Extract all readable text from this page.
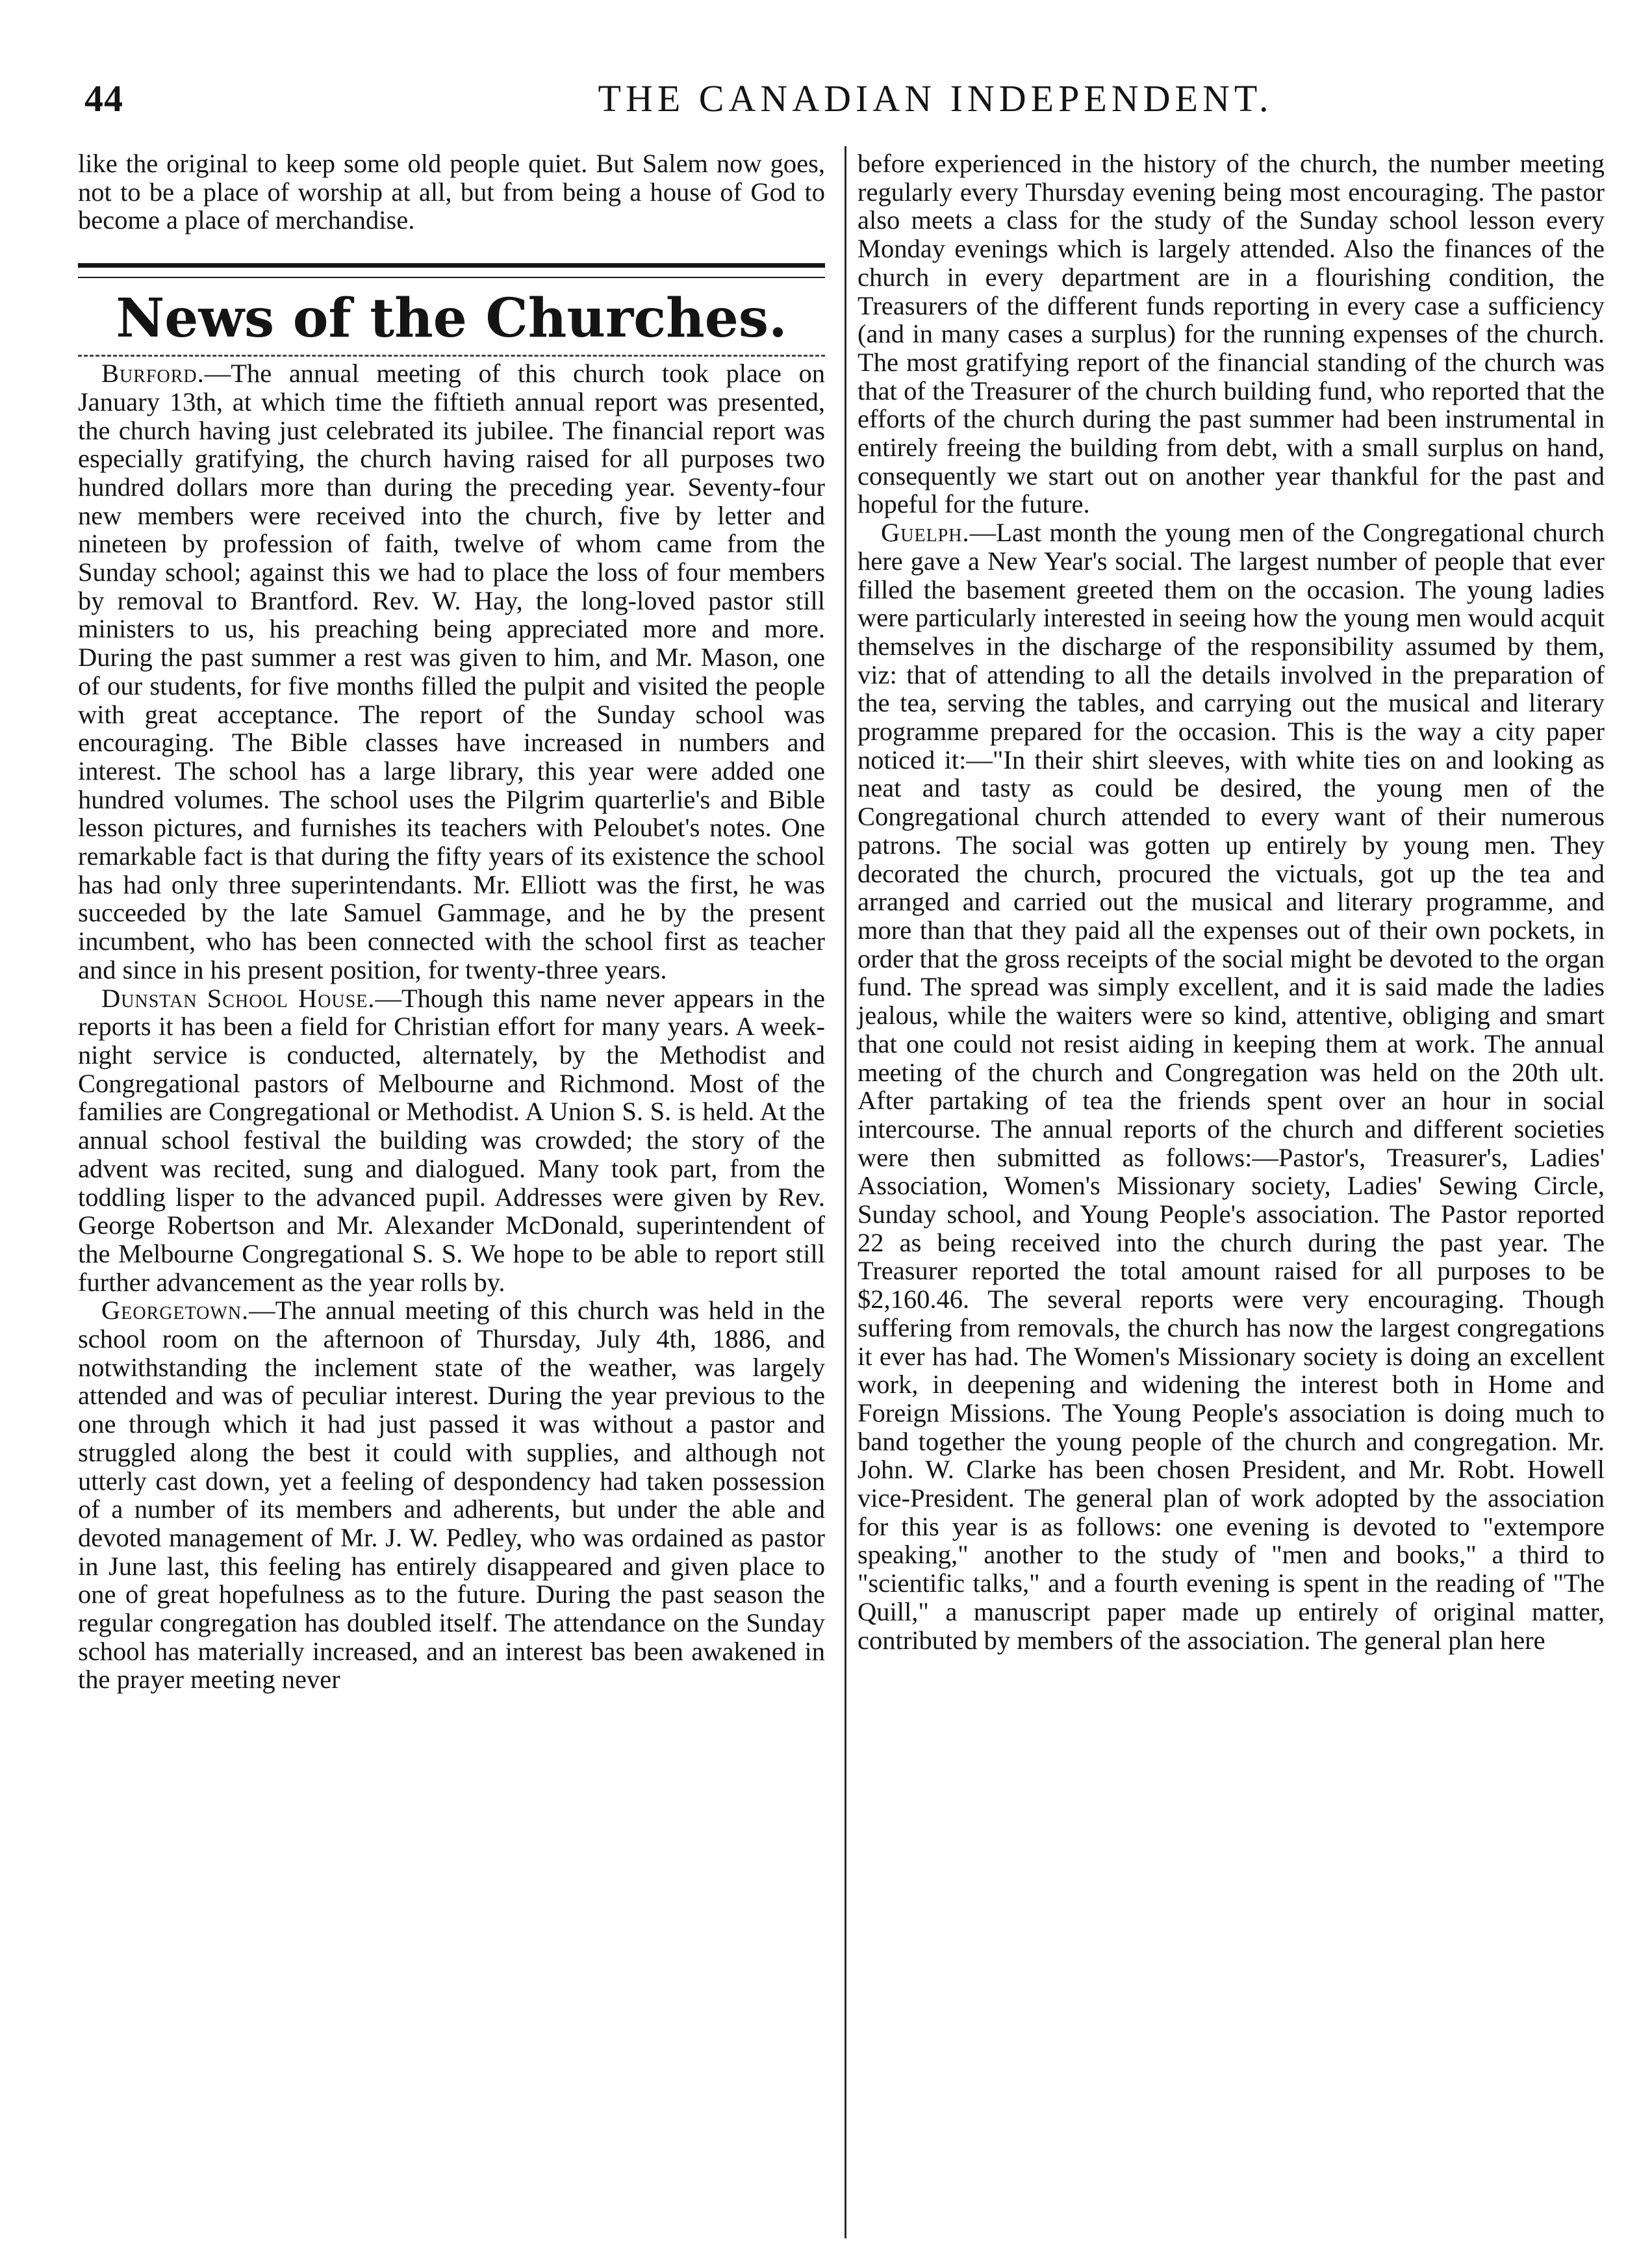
44	THE CANADIAN INDEPENDENT.

like the original to keep some old people quiet. But Salem now goes, not to be a place of worship at all, but from being a house of God to become a place of merchandise.

News of the Churches.

Burford.—The annual meeting of this church took place on January 13th, at which time the fiftieth annual report was presented, the church having just celebrated its jubilee. The financial report was especially gratifying, the church having raised for all purposes two hundred dollars more than during the preceding year. Seventy-four new members were received into the church, five by letter and nineteen by profession of faith, twelve of whom came from the Sunday school; against this we had to place the loss of four members by removal to Brantford. Rev. W. Hay, the long-loved pastor still ministers to us, his preaching being appreciated more and more. During the past summer a rest was given to him, and Mr. Mason, one of our students, for five months filled the pulpit and visited the people with great acceptance. The report of the Sunday school was encouraging. The Bible classes have increased in numbers and interest. The school has a large library, this year were added one hundred volumes. The school uses the Pilgrim quarterlie's and Bible lesson pictures, and furnishes its teachers with Peloubet's notes. One remarkable fact is that during the fifty years of its existence the school has had only three superintendants. Mr. Elliott was the first, he was succeeded by the late Samuel Gammage, and he by the present incumbent, who has been connected with the school first as teacher and since in his present position, for twenty-three years.

Dunstan School House.—Though this name never appears in the reports it has been a field for Christian effort for many years. A week-night service is conducted, alternately, by the Methodist and Congregational pastors of Melbourne and Richmond. Most of the families are Congregational or Methodist. A Union S. S. is held. At the annual school festival the building was crowded; the story of the advent was recited, sung and dialogued. Many took part, from the toddling lisper to the advanced pupil. Addresses were given by Rev. George Robertson and Mr. Alexander McDonald, superintendent of the Melbourne Congregational S. S. We hope to be able to report still further advancement as the year rolls by.

Georgetown.—The annual meeting of this church was held in the school room on the afternoon of Thursday, July 4th, 1886, and notwithstanding the inclement state of the weather, was largely attended and was of peculiar interest. During the year previous to the one through which it had just passed it was without a pastor and struggled along the best it could with supplies, and although not utterly cast down, yet a feeling of despondency had taken possession of a number of its members and adherents, but under the able and devoted management of Mr. J. W. Pedley, who was ordained as pastor in June last, this feeling has entirely disappeared and given place to one of great hopefulness as to the future. During the past season the regular congregation has doubled itself. The attendance on the Sunday school has materially increased, and an interest bas been awakened in the prayer meeting never

before experienced in the history of the church, the number meeting regularly every Thursday evening being most encouraging. The pastor also meets a class for the study of the Sunday school lesson every Monday evenings which is largely attended. Also the finances of the church in every department are in a flourishing condition, the Treasurers of the different funds reporting in every case a sufficiency (and in many cases a surplus) for the running expenses of the church. The most gratifying report of the financial standing of the church was that of the Treasurer of the church building fund, who reported that the efforts of the church during the past summer had been instrumental in entirely freeing the building from debt, with a small surplus on hand, consequently we start out on another year thankful for the past and hopeful for the future.

Guelph.—Last month the young men of the Congregational church here gave a New Year's social. The largest number of people that ever filled the basement greeted them on the occasion. The young ladies were particularly interested in seeing how the young men would acquit themselves in the discharge of the responsibility assumed by them, viz: that of attending to all the details involved in the preparation of the tea, serving the tables, and carrying out the musical and literary programme prepared for the occasion. This is the way a city paper noticed it:—"In their shirt sleeves, with white ties on and looking as neat and tasty as could be desired, the young men of the Congregational church attended to every want of their numerous patrons. The social was gotten up entirely by young men. They decorated the church, procured the victuals, got up the tea and arranged and carried out the musical and literary programme, and more than that they paid all the expenses out of their own pockets, in order that the gross receipts of the social might be devoted to the organ fund. The spread was simply excellent, and it is said made the ladies jealous, while the waiters were so kind, attentive, obliging and smart that one could not resist aiding in keeping them at work. The annual meeting of the church and Congregation was held on the 20th ult. After partaking of tea the friends spent over an hour in social intercourse. The annual reports of the church and different societies were then submitted as follows:—Pastor's, Treasurer's, Ladies' Association, Women's Missionary society, Ladies' Sewing Circle, Sunday school, and Young People's association. The Pastor reported 22 as being received into the church during the past year. The Treasurer reported the total amount raised for all purposes to be $2,160.46. The several reports were very encouraging. Though suffering from removals, the church has now the largest congregations it ever has had. The Women's Missionary society is doing an excellent work, in deepening and widening the interest both in Home and Foreign Missions. The Young People's association is doing much to band together the young people of the church and congregation. Mr. John. W. Clarke has been chosen President, and Mr. Robt. Howell vice-President. The general plan of work adopted by the association for this year is as follows: one evening is devoted to "extempore speaking," another to the study of "men and books," a third to "scientific talks," and a fourth evening is spent in the reading of "The Quill," a manuscript paper made up entirely of original matter, contributed by members of the association. The general plan here
